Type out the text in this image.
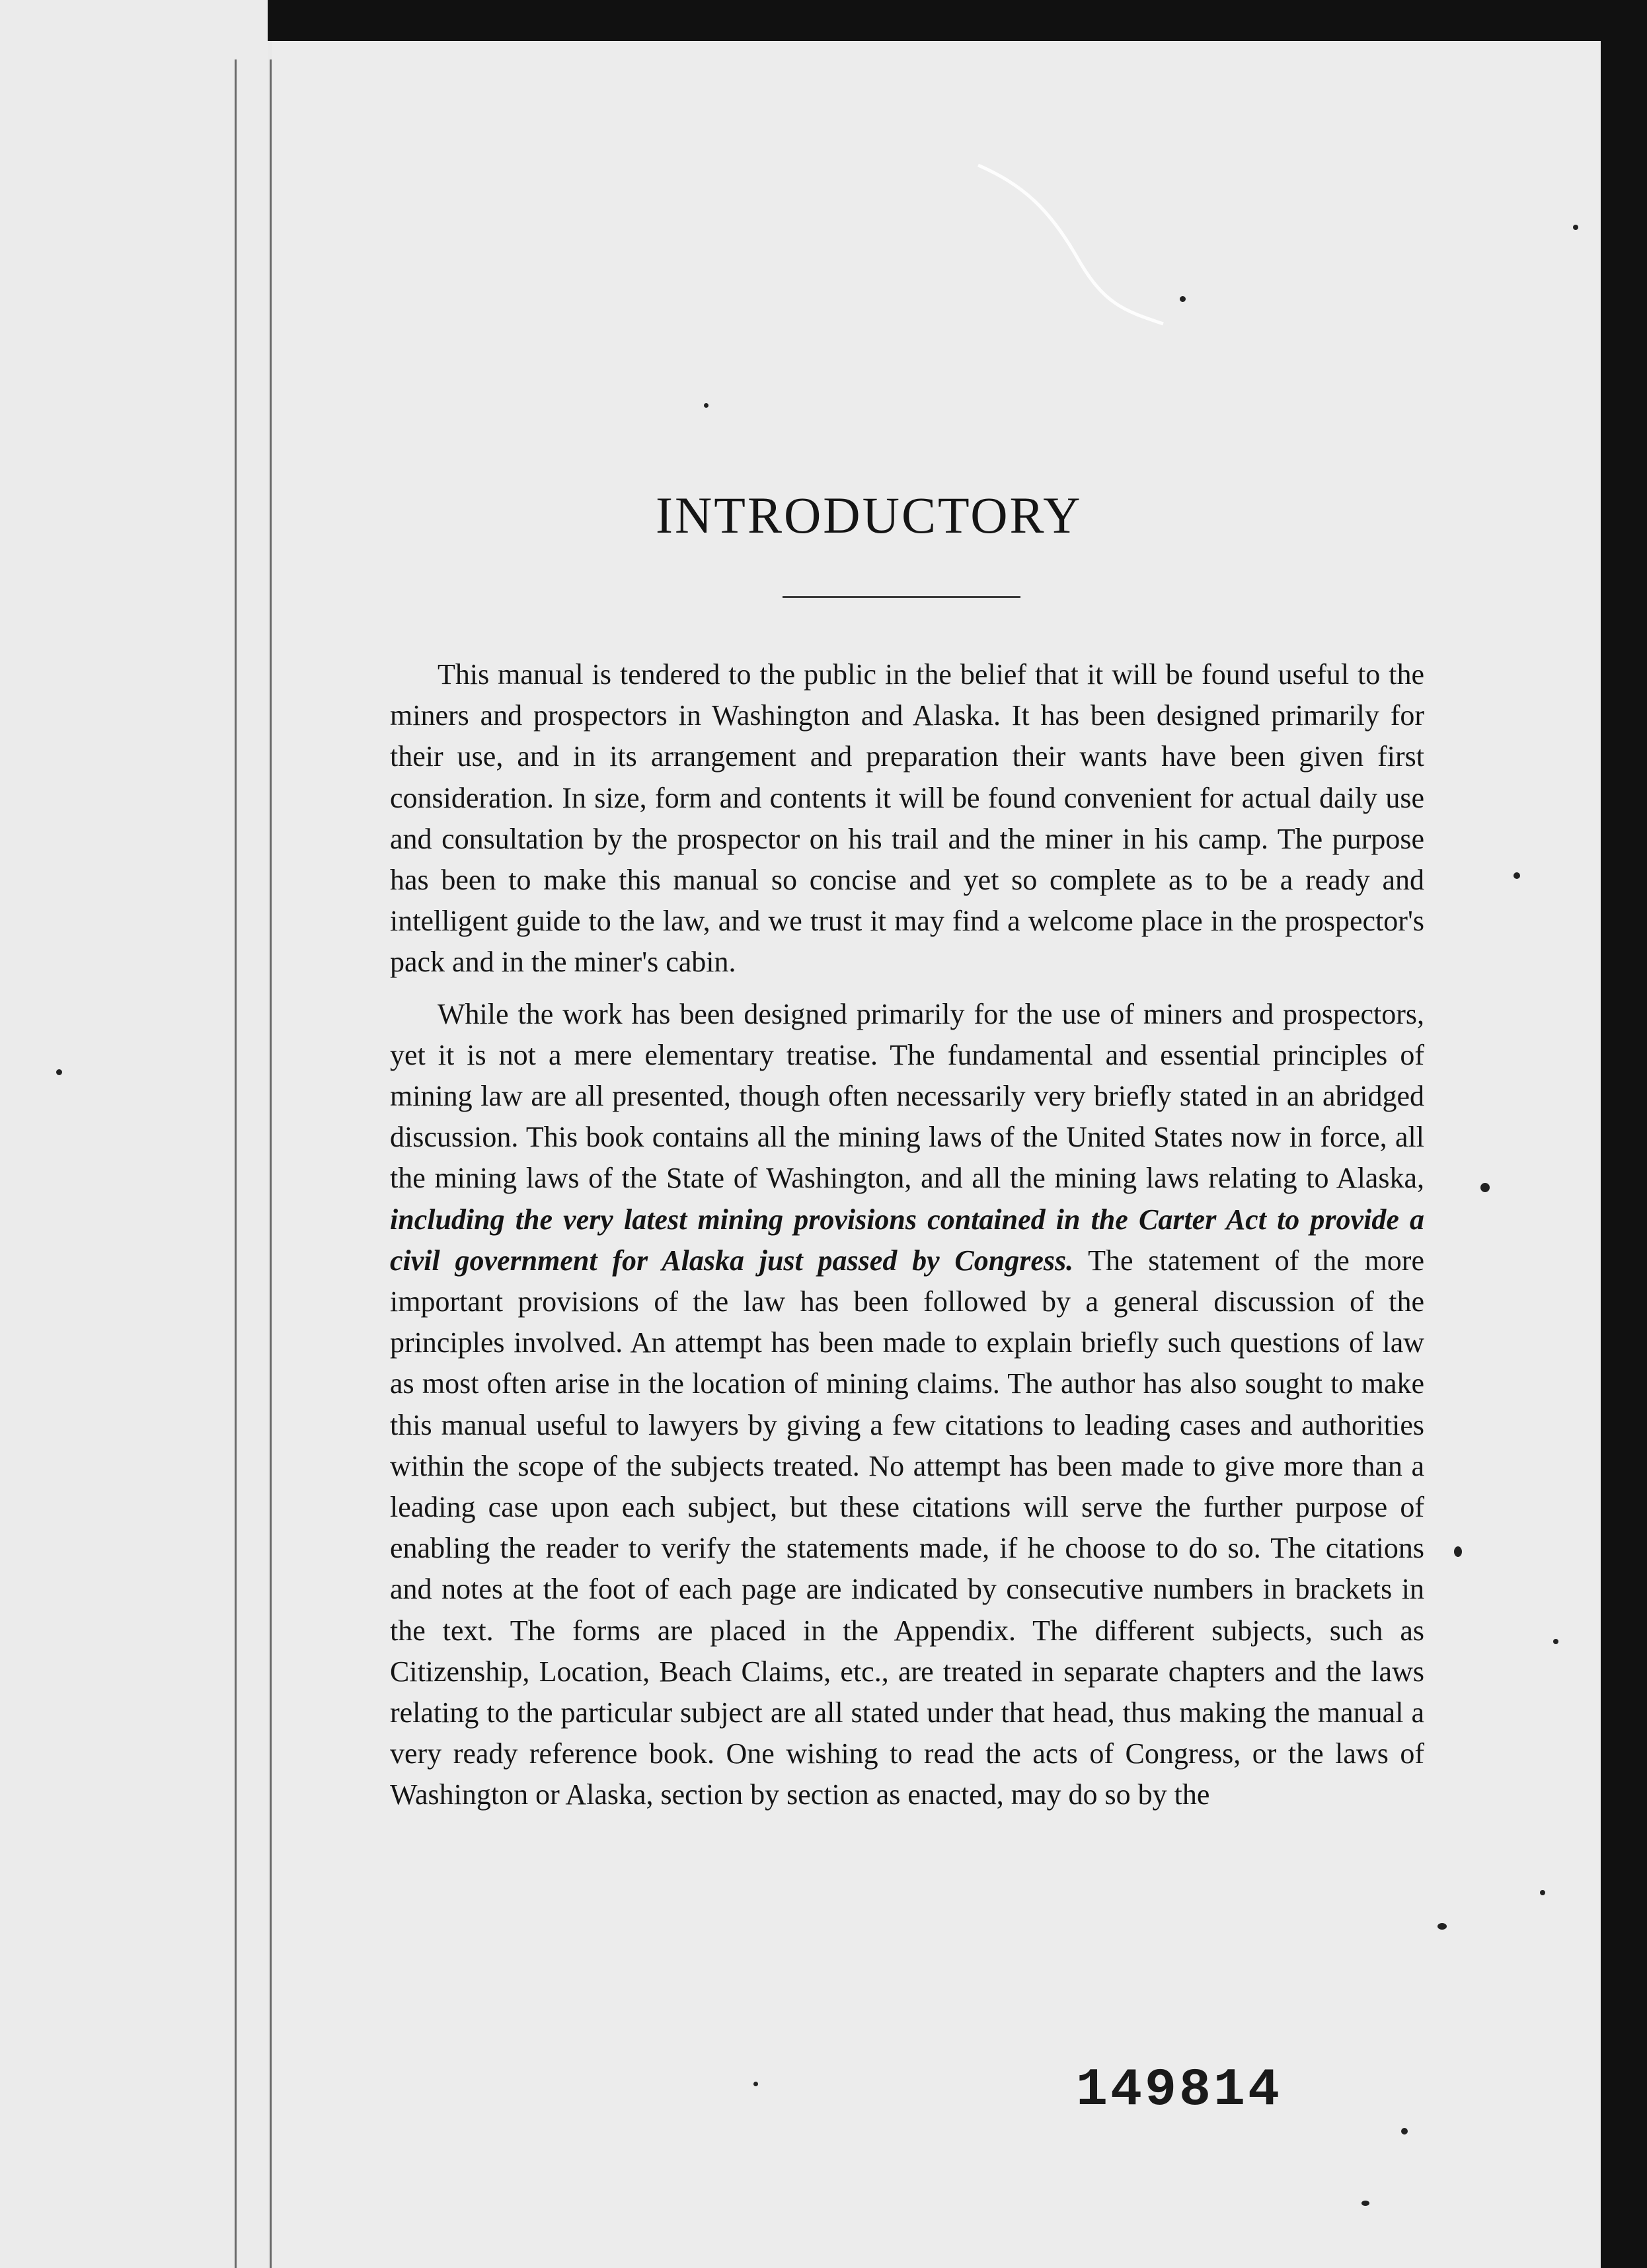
INTRODUCTORY

This manual is tendered to the public in the belief that it will be found useful to the miners and prospectors in Washington and Alaska. It has been designed primarily for their use, and in its arrangement and preparation their wants have been given first consideration. In size, form and contents it will be found convenient for actual daily use and consultation by the prospector on his trail and the miner in his camp. The purpose has been to make this manual so concise and yet so complete as to be a ready and intelligent guide to the law, and we trust it may find a welcome place in the prospector's pack and in the miner's cabin.

While the work has been designed primarily for the use of miners and prospectors, yet it is not a mere elementary treatise. The fundamental and essential principles of mining law are all presented, though often necessarily very briefly stated in an abridged discussion. This book contains all the mining laws of the United States now in force, all the mining laws of the State of Washington, and all the mining laws relating to Alaska, including the very latest mining provisions contained in the Carter Act to provide a civil government for Alaska just passed by Congress. The statement of the more important provisions of the law has been followed by a general discussion of the principles involved. An attempt has been made to explain briefly such questions of law as most often arise in the location of mining claims. The author has also sought to make this manual useful to lawyers by giving a few citations to leading cases and authorities within the scope of the subjects treated. No attempt has been made to give more than a leading case upon each subject, but these citations will serve the further purpose of enabling the reader to verify the statements made, if he choose to do so. The citations and notes at the foot of each page are indicated by consecutive numbers in brackets in the text. The forms are placed in the Appendix. The different subjects, such as Citizenship, Location, Beach Claims, etc., are treated in separate chapters and the laws relating to the particular subject are all stated under that head, thus making the manual a very ready reference book. One wishing to read the acts of Congress, or the laws of Washington or Alaska, section by section as enacted, may do so by the

149814
